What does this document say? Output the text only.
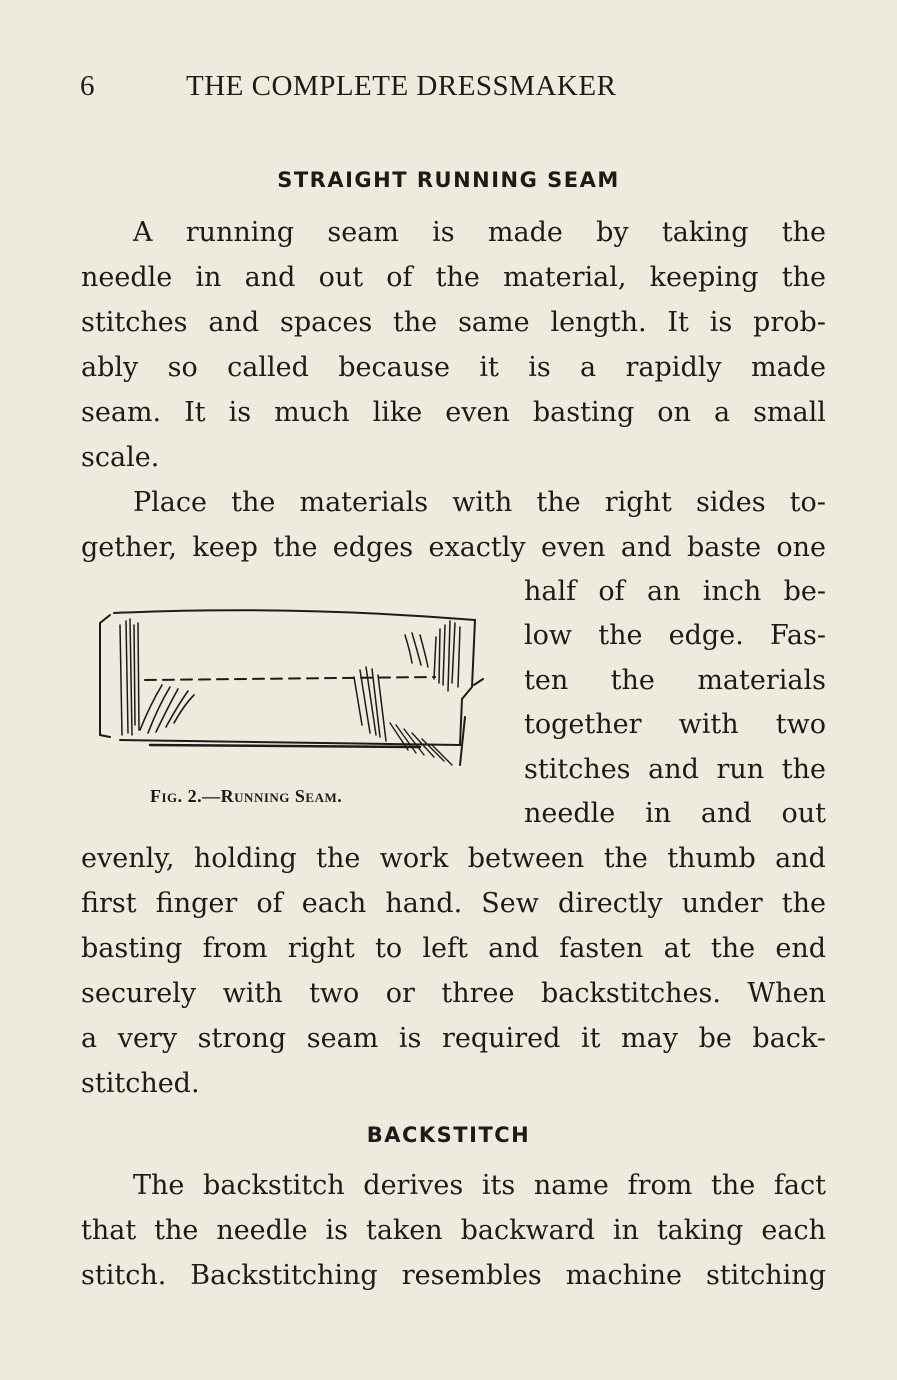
6	THE COMPLETE DRESSMAKER
STRAIGHT RUNNING SEAM
A running seam is made by taking the
needle in and out of the material, keeping the
stitches and spaces the same length. It is prob-
ably so called because it is a rapidly made
seam. It is much like even basting on a small
scale.
Place the materials with the right sides to-
gether, keep the edges exactly even and baste one
half of an inch be-
low the edge. Fas-
ten the materials
together with two
stitches and run the
needle in and out
evenly, holding the work between the thumb and
first finger of each hand. Sew directly under the
basting from right to left and fasten at the end
securely with two or three backstitches. When
a very strong seam is required it may be back-
stitched.
FIG. 2.—RUNNING SEAM.
BACKSTITCH
The backstitch derives its name from the fact
that the needle is taken backward in taking each
stitch. Backstitching resembles machine stitching
